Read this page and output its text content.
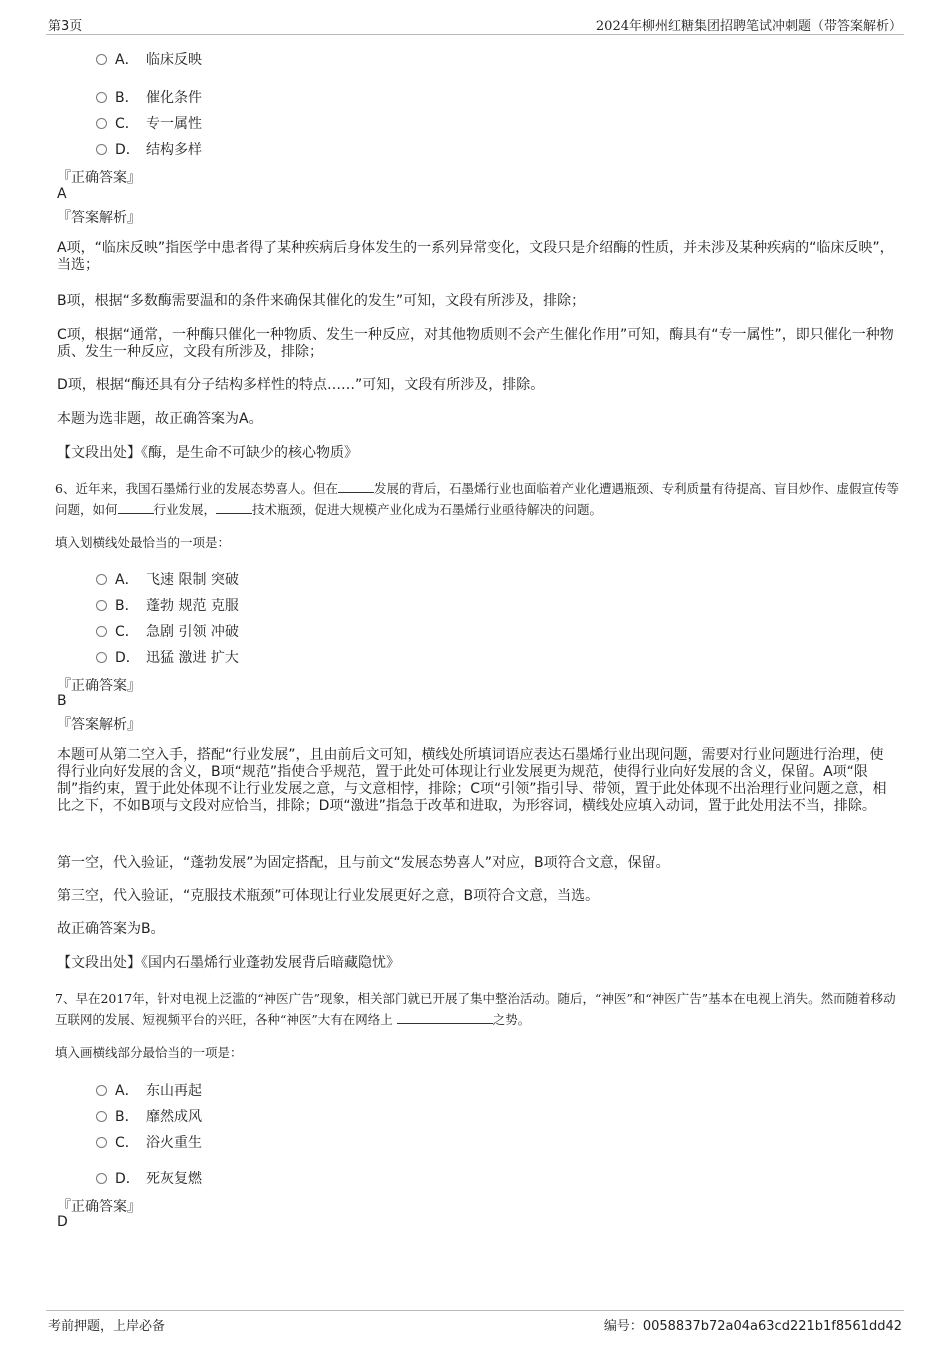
第3页	2024年柳州红糖集团招聘笔试冲刺题（带答案解析）
A． 临床反映
B． 催化条件
C． 专一属性
D． 结构多样
『正确答案』
A
『答案解析』
A项，“临床反映”指医学中患者得了某种疾病后身体发生的一系列异常变化，文段只是介绍酶的性质，并未涉及某种疾病的“临床反映”，当选；
B项，根据“多数酶需要温和的条件来确保其催化的发生”可知，文段有所涉及，排除；
C项，根据“通常，一种酶只催化一种物质、发生一种反应，对其他物质则不会产生催化作用”可知，酶具有“专一属性”，即只催化一种物质、发生一种反应，文段有所涉及，排除；
D项，根据“酶还具有分子结构多样性的特点……”可知，文段有所涉及，排除。
本题为选非题，故正确答案为A。
【文段出处】《酶，是生命不可缺少的核心物质》
6、近年来，我国石墨烯行业的发展态势喜人。但在	发展的背后，石墨烯行业也面临着产业化遭遇瓶颈、专利质量有待提高、盲目炒作、虚假宣传等问题，如何	行业发展，	技术瓶颈，促进大规模产业化成为石墨烯行业亟待解决的问题。
填入划横线处最恰当的一项是：
A． 飞速 限制 突破
B． 蓬勃 规范 克服
C． 急剧 引领 冲破
D． 迅猛 激进 扩大
『正确答案』
B
『答案解析』
本题可从第二空入手，搭配“行业发展”，且由前后文可知，横线处所填词语应表达石墨烯行业出现问题，需要对行业问题进行治理，使得行业向好发展的含义，B项“规范”指使合乎规范，置于此处可体现让行业发展更为规范，使得行业向好发展的含义，保留。A项“限制”指约束，置于此处体现不让行业发展之意，与文意相悖，排除；C项“引领”指引导、带领，置于此处体现不出治理行业问题之意，相比之下，不如B项与文段对应恰当，排除；D项“激进”指急于改革和进取，为形容词，横线处应填入动词，置于此处用法不当，排除。
第一空，代入验证，“蓬勃发展”为固定搭配，且与前文“发展态势喜人”对应，B项符合文意，保留。
第三空，代入验证，“克服技术瓶颈”可体现让行业发展更好之意，B项符合文意，当选。
故正确答案为B。
【文段出处】《国内石墨烯行业蓬勃发展背后暗藏隐忧》
7、早在2017年，针对电视上泛滥的“神医广告”现象，相关部门就已开展了集中整治活动。随后，“神医”和“神医广告”基本在电视上消失。然而随着移动互联网的发展、短视频平台的兴旺，各种“神医”大有在网络上	之势。
填入画横线部分最恰当的一项是：
A． 东山再起
B． 靡然成风
C． 浴火重生
D． 死灰复燃
『正确答案』
D
考前押题，上岸必备	编号：0058837b72a04a63cd221b1f8561dd42
